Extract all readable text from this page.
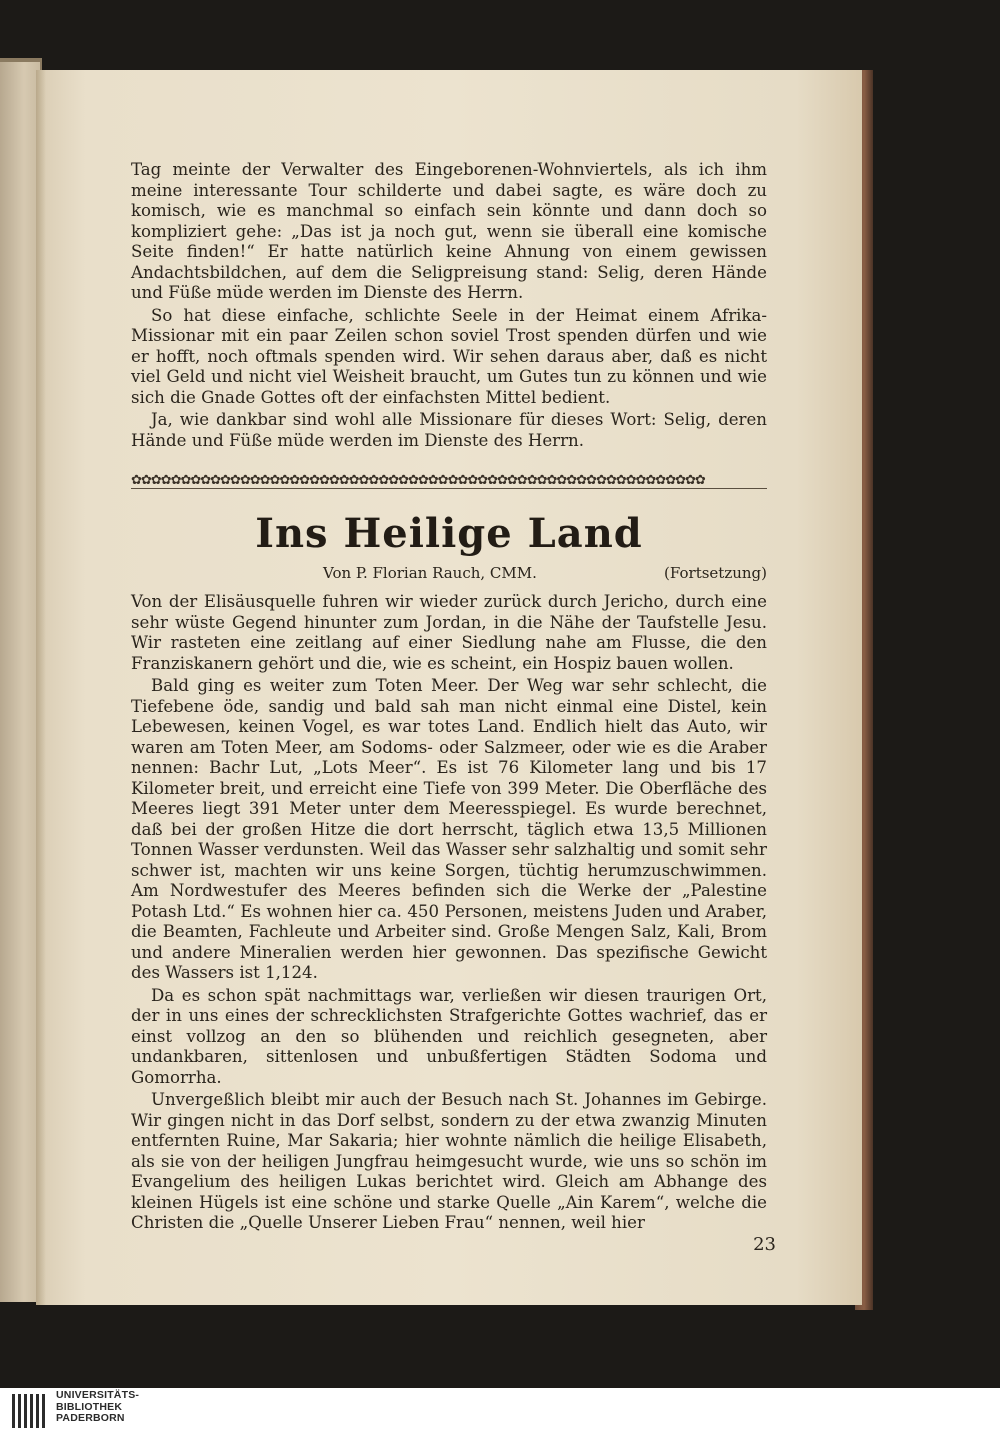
Tag meinte der Verwalter des Eingeborenen-Wohnviertels, als ich ihm meine interessante Tour schilderte und dabei sagte, es wäre doch zu komisch, wie es manchmal so einfach sein könnte und dann doch so kompliziert gehe: „Das ist ja noch gut, wenn sie überall eine komische Seite finden!“ Er hatte natürlich keine Ahnung von einem gewissen Andachtsbildchen, auf dem die Seligpreisung stand: Selig, deren Hände und Füße müde werden im Dienste des Herrn.

So hat diese einfache, schlichte Seele in der Heimat einem Afrika-Missionar mit ein paar Zeilen schon soviel Trost spenden dürfen und wie er hofft, noch oftmals spenden wird. Wir sehen daraus aber, daß es nicht viel Geld und nicht viel Weisheit braucht, um Gutes tun zu können und wie sich die Gnade Gottes oft der einfachsten Mittel bedient.

Ja, wie dankbar sind wohl alle Missionare für dieses Wort: Selig, deren Hände und Füße müde werden im Dienste des Herrn.

✿✿✿✿✿✿✿✿✿✿✿✿✿✿✿✿✿✿✿✿✿✿✿✿✿✿✿✿✿✿✿✿✿✿✿✿✿✿✿✿✿✿✿✿✿✿✿✿✿✿✿✿✿✿✿✿✿✿
Ins Heilige Land
Von P. Florian Rauch, CMM.	(Fortsetzung)

Von der Elisäusquelle fuhren wir wieder zurück durch Jericho, durch eine sehr wüste Gegend hinunter zum Jordan, in die Nähe der Taufstelle Jesu. Wir rasteten eine zeitlang auf einer Siedlung nahe am Flusse, die den Franziskanern gehört und die, wie es scheint, ein Hospiz bauen wollen.

Bald ging es weiter zum Toten Meer. Der Weg war sehr schlecht, die Tiefebene öde, sandig und bald sah man nicht einmal eine Distel, kein Lebewesen, keinen Vogel, es war totes Land. Endlich hielt das Auto, wir waren am Toten Meer, am Sodoms- oder Salzmeer, oder wie es die Araber nennen: Bachr Lut, „Lots Meer“. Es ist 76 Kilometer lang und bis 17 Kilometer breit, und erreicht eine Tiefe von 399 Meter. Die Oberfläche des Meeres liegt 391 Meter unter dem Meeresspiegel. Es wurde berechnet, daß bei der großen Hitze die dort herrscht, täglich etwa 13,5 Millionen Tonnen Wasser verdunsten. Weil das Wasser sehr salzhaltig und somit sehr schwer ist, machten wir uns keine Sorgen, tüchtig herumzuschwimmen. Am Nordwestufer des Meeres befinden sich die Werke der „Palestine Potash Ltd.“ Es wohnen hier ca. 450 Personen, meistens Juden und Araber, die Beamten, Fachleute und Arbeiter sind. Große Mengen Salz, Kali, Brom und andere Mineralien werden hier gewonnen. Das spezifische Gewicht des Wassers ist 1,124.

Da es schon spät nachmittags war, verließen wir diesen traurigen Ort, der in uns eines der schrecklichsten Strafgerichte Gottes wachrief, das er einst vollzog an den so blühenden und reichlich gesegneten, aber undankbaren, sittenlosen und unbußfertigen Städten Sodoma und Gomorrha.

Unvergeßlich bleibt mir auch der Besuch nach St. Johannes im Gebirge. Wir gingen nicht in das Dorf selbst, sondern zu der etwa zwanzig Minuten entfernten Ruine, Mar Sakaria; hier wohnte nämlich die heilige Elisabeth, als sie von der heiligen Jungfrau heimgesucht wurde, wie uns so schön im Evangelium des heiligen Lukas berichtet wird. Gleich am Abhange des kleinen Hügels ist eine schöne und starke Quelle „Ain Karem“, welche die Christen die „Quelle Unserer Lieben Frau“ nennen, weil hier

23
UNIVERSITÄTS-
BIBLIOTHEK
PADERBORN
